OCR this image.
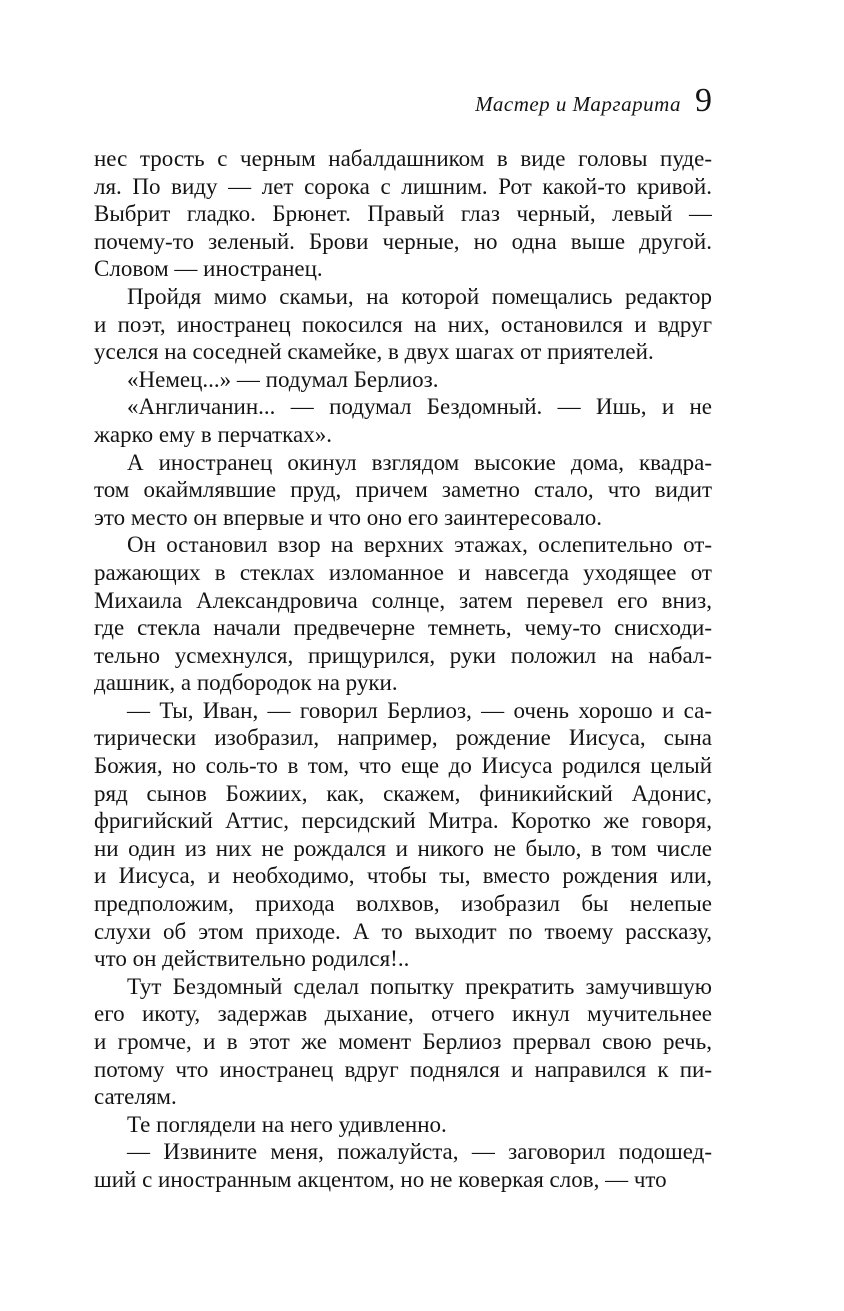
Мастер и Маргарита 9

нес трость с черным набалдашником в виде головы пуде-
ля. По виду — лет сорока с лишним. Рот какой-то кривой.
Выбрит гладко. Брюнет. Правый глаз черный, левый —
почему-то зеленый. Брови черные, но одна выше другой.
Словом — иностранец.

Пройдя мимо скамьи, на которой помещались редактор
и поэт, иностранец покосился на них, остановился и вдруг
уселся на соседней скамейке, в двух шагах от приятелей.

«Немец...» — подумал Берлиоз.

«Англичанин... — подумал Бездомный. — Ишь, и не
жарко ему в перчатках».

А иностранец окинул взглядом высокие дома, квадра-
том окаймлявшие пруд, причем заметно стало, что видит
это место он впервые и что оно его заинтересовало.

Он остановил взор на верхних этажах, ослепительно от-
ражающих в стеклах изломанное и навсегда уходящее от
Михаила Александровича солнце, затем перевел его вниз,
где стекла начали предвечерне темнеть, чему-то снисходи-
тельно усмехнулся, прищурился, руки положил на набал-
дашник, а подбородок на руки.

— Ты, Иван, — говорил Берлиоз, — очень хорошо и са-
тирически изобразил, например, рождение Иисуса, сына
Божия, но соль-то в том, что еще до Иисуса родился целый
ряд сынов Божиих, как, скажем, финикийский Адонис,
фригийский Аттис, персидский Митра. Коротко же говоря,
ни один из них не рождался и никого не было, в том числе
и Иисуса, и необходимо, чтобы ты, вместо рождения или,
предположим, прихода волхвов, изобразил бы нелепые
слухи об этом приходе. А то выходит по твоему рассказу,
что он действительно родился!..

Тут Бездомный сделал попытку прекратить замучившую
его икоту, задержав дыхание, отчего икнул мучительнее
и громче, и в этот же момент Берлиоз прервал свою речь,
потому что иностранец вдруг поднялся и направился к пи-
сателям.

Те поглядели на него удивленно.

— Извините меня, пожалуйста, — заговорил подошед-
ший с иностранным акцентом, но не коверкая слов, — что
